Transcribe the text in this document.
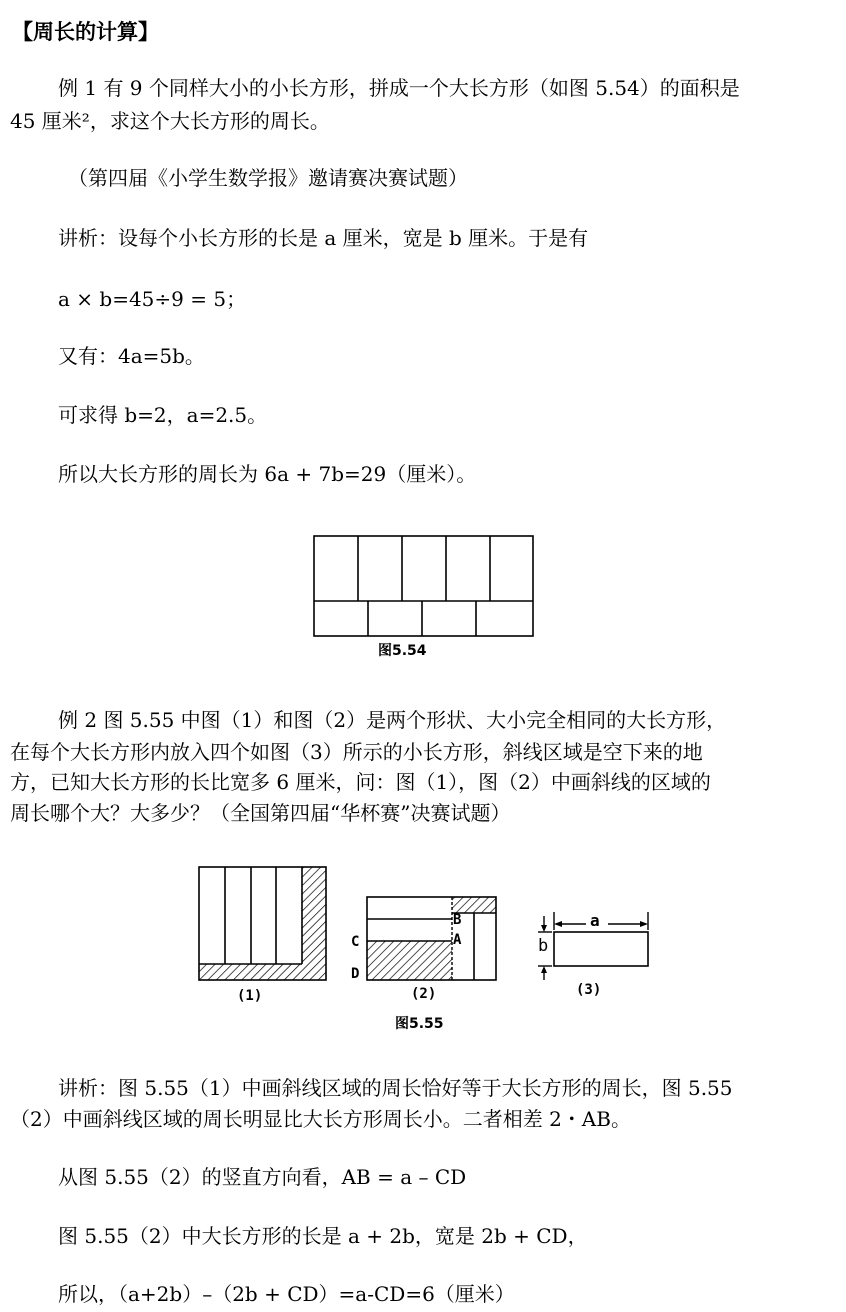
【周长的计算】
例 1 有 9 个同样大小的小长方形，拼成一个大长方形（如图 5.54）的面积是
45 厘米²，求这个大长方形的周长。
（第四届《小学生数学报》邀请赛决赛试题）
讲析：设每个小长方形的长是 a 厘米，宽是 b 厘米。于是有
a × b=45÷9 = 5；
又有：4a=5b。
可求得 b=2，a=2.5。
所以大长方形的周长为 6a + 7b=29（厘米）。
图5.54
例 2 图 5.55 中图（1）和图（2）是两个形状、大小完全相同的大长方形，
在每个大长方形内放入四个如图（3）所示的小长方形，斜线区域是空下来的地
方，已知大长方形的长比宽多 6 厘米，问：图（1），图（2）中画斜线的区域的
周长哪个大？大多少？（全国第四届“华杯赛”决赛试题）
(1)
B
A
C
D
(2)
a
b
(3)
图5.55
讲析：图 5.55（1）中画斜线区域的周长恰好等于大长方形的周长，图 5.55
（2）中画斜线区域的周长明显比大长方形周长小。二者相差 2・AB。
从图 5.55（2）的竖直方向看，AB = a – CD
图 5.55（2）中大长方形的长是 a + 2b，宽是 2b + CD，
所以，（a+2b）–（2b + CD）=a-CD=6（厘米）
